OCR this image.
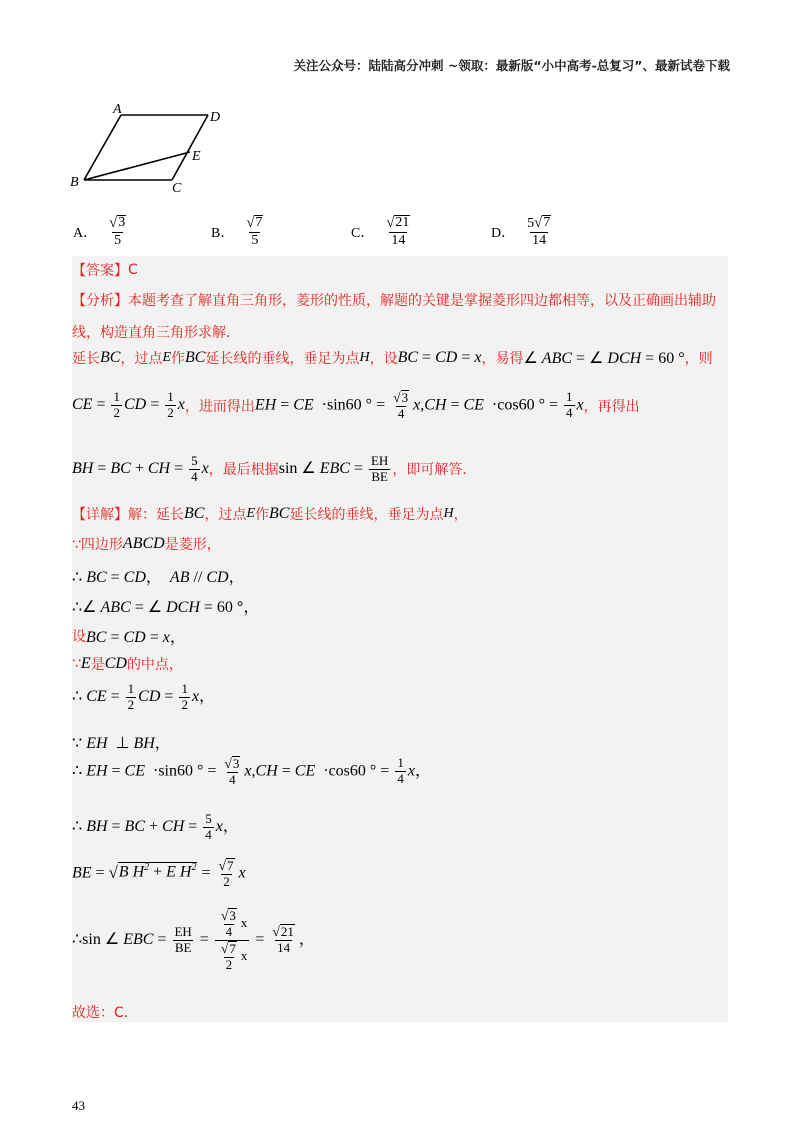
关注公众号：陆陆高分冲刺 ~领取：最新版“小中高考-总复习”、最新试卷下载
A
D
E
B	C
A． $\frac{√ 3}{5}$	B． $\frac{√ 7}{5}$	C． $\frac{√ 21}{14}$	D． $\frac{5 √ 7}{14}$
【答案】 C
【分析】 本题考查了解直角三角形，菱形的性质，解题的关键是掌握菱形四边都相等，以及正确画出辅助
线，构造直角三角形求解．
延长 BC ，过点 E 作 BC 延长线的垂线，垂足为点 H ，设 BC = CD = x ，易得 ∠ ABC = ∠ DCH = 60 ° ，则
CE = $\frac{1}{2}$ CD = $\frac{1}{2}$ x ，进而得出 EH = CE  ·sin60 ° = $\frac{√ 3}{4} x,CH$ = CE  ·cos60 ° = $\frac{1}{4}$ x ，再得出
BH = BC + CH = $\frac{5}{4}$ x ，最后根据 sin ∠ EBC = $\frac{EH}{BE}$ ，即可解答．
【详解】 解：延长 BC ，过点 E 作 BC 延长线的垂线，垂足为点 H ，
∵四边形 ABCD 是菱形，
∴ BC = CD，  AB // CD，
∴∠ ABC = ∠ DCH = 60 °，
设 BC = CD = x，
∵ E 是 CD 的中点，
∴ CE = $\frac{1}{2}$ CD = $\frac{1}{2}$ x，
∵ EH  ⊥ BH，
∴ EH = CE  ·sin60 ° = $\frac{√ 3}{4} x,CH$ = CE  ·cos60 ° = $\frac{1}{4}$ x，
∴ BH = BC + CH = $\frac{5}{4}$ x，
BE = √ B $H^2 + E$ $H^2 = \frac{√ 7}{2}$ x
∴sin ∠ EBC = $\frac{EH}{BE} = \frac{\frac{√ 3}{4} x}{\frac{√ 7}{2} x} = \frac{√ 21}{14}$ ，
故选：C．
43
